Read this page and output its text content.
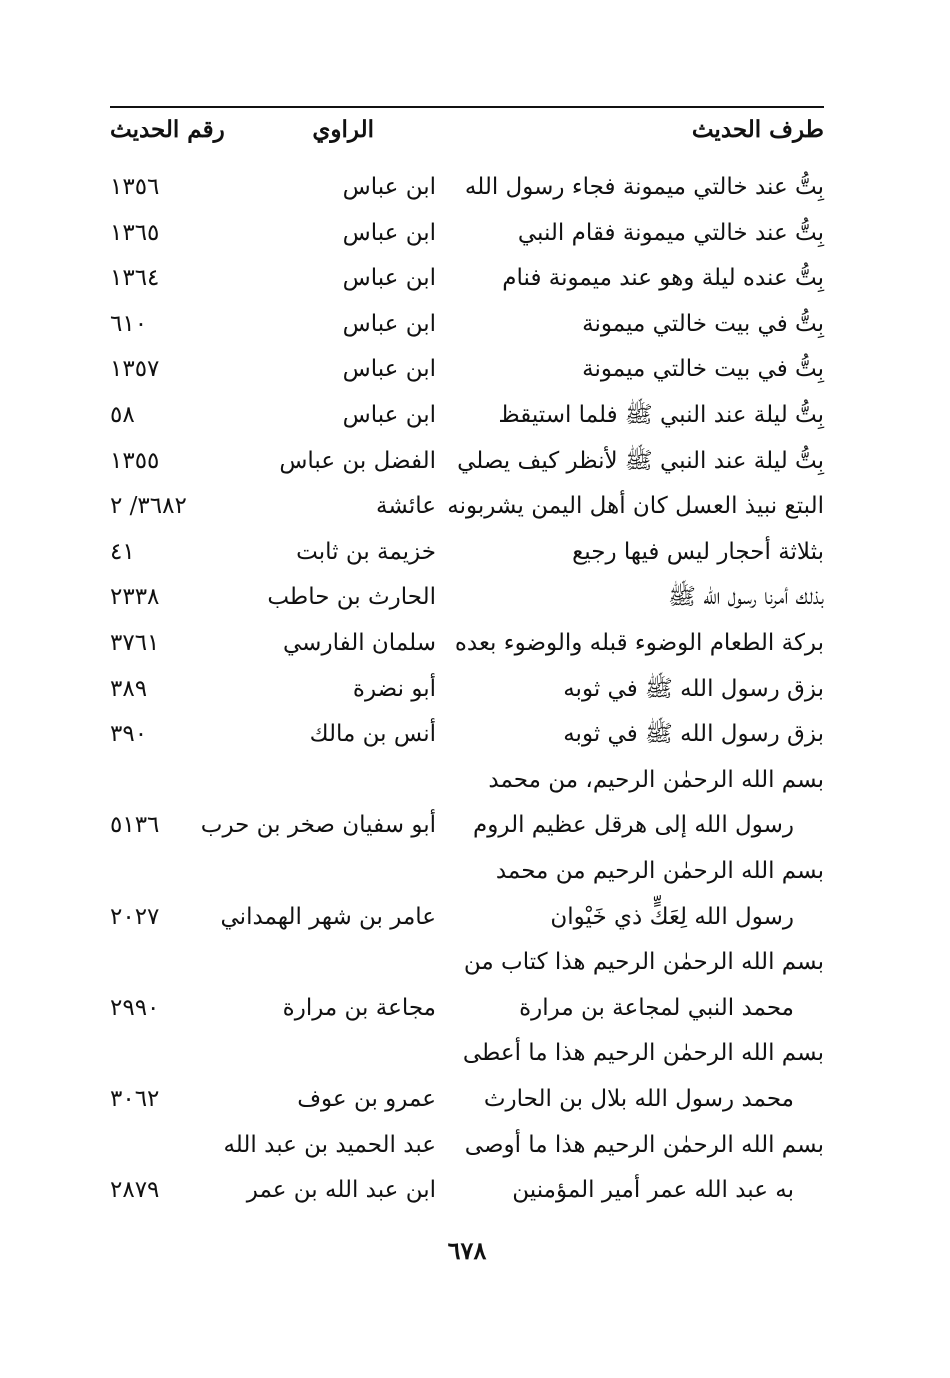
طرف الحديث
الراوي
رقم الحديث
بِتُّ عند خالتي ميمونة فجاء رسول الله
ابن عباس
١٣٥٦
بِتُّ عند خالتي ميمونة فقام النبي
ابن عباس
١٣٦٥
بِتُّ عنده ليلة وهو عند ميمونة فنام
ابن عباس
١٣٦٤
بِتُّ في بيت خالتي ميمونة
ابن عباس
٦١٠
بِتُّ في بيت خالتي ميمونة
ابن عباس
١٣٥٧
بِتُّ ليلة عند النبي ﷺ فلما استيقظ
ابن عباس
٥٨
بِتُّ ليلة عند النبي ﷺ لأنظر كيف يصلي
الفضل بن عباس
١٣٥٥
البتع نبيذ العسل كان أهل اليمن يشربونه
عائشة
٣٦٨٢/ ٢
بثلاثة أحجار ليس فيها رجيع
خزيمة بن ثابت
٤١
بذلك أمرنا رسول الله ﷺ
الحارث بن حاطب
٢٣٣٨
بركة الطعام الوضوء قبله والوضوء بعده
سلمان الفارسي
٣٧٦١
بزق رسول الله ﷺ في ثوبه
أبو نضرة
٣٨٩
بزق رسول الله ﷺ في ثوبه
أنس بن مالك
٣٩٠
بسم الله الرحمٰن الرحيم، من محمد
رسول الله إلى هرقل عظيم الروم
أبو سفيان صخر بن حرب
٥١٣٦
بسم الله الرحمٰن الرحيم من محمد
رسول الله لِعَكٍّ ذي خَيْوان
عامر بن شهر الهمداني
٢٠٢٧
بسم الله الرحمٰن الرحيم هذا كتاب من
محمد النبي لمجاعة بن مرارة
مجاعة بن مرارة
٢٩٩٠
بسم الله الرحمٰن الرحيم هذا ما أعطى
محمد رسول الله بلال بن الحارث
عمرو بن عوف
٣٠٦٢
بسم الله الرحمٰن الرحيم هذا ما أوصى
عبد الحميد بن عبد الله
به عبد الله عمر أمير المؤمنين
ابن عبد الله بن عمر
٢٨٧٩
٦٧٨
